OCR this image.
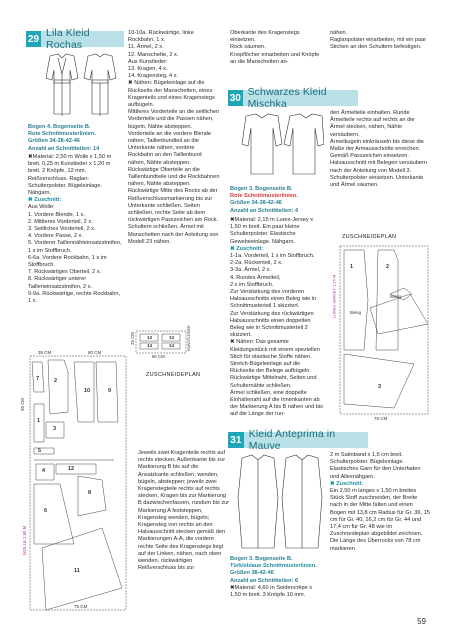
29 Lila Kleid Rochas

Bogen 4. Bogenseite B.

Rote Schnittmusterlinien.

Größen 34-38-42-46

Anzahl an Schnittteilen: 14

✖Material: 2,50 m Wolle x 1,50 m breit. 0,25 m Kunstleder x 1,20 m breit. 2 Knöpfe, 12 mm. Reißverschluss. Raglan-Schulterpolster. Bügeleinlage. Nähgarn.

✖ Zuschnitt:

Aus Wolle:

1. Vordere Blende, 1 x.
2. Mittleres Vorderteil, 2 x.
3. Seitliches Vorderteil, 2 x.
4. Vordere Passe, 2 x.
5. Vorderer Taillennähteinsatzstreifen, 1 x im Stoffbruch.
6-6a. Vordere Rockbahn, 1 x im Stoffbruch.
7. Rückwärtiges Oberteil, 2 x.
8. Rückwärtiger unterer Tailleneinsatzstreifen, 2 x.
9-9a. Rückwärtige, rechte Rockbahn, 1 x.

10-10a. Rückwärtige, linke Rockbahn, 1 x.
11. Ärmel, 2 x.
12. Manschette, 2 x.
Aus Kunstleder:
13. Kragen, 4 x.
14. Kragensteg, 4 x.

✖ Nähen: Bügeleinlage auf die Rückseite der Manschetten, eines Kragenteils und eines Kragenstegs aufbügeln.
Mittleres Vorderteile an die seitlichen Vorderteile und die Passen nähen, bügeln, Nähte absteppen.
Vorderteile an die vordere Blende nähen, Taillenbundteil an die Unterkante nähen, vordere Rockbahn an den Taillenbund nähen, Nähte absteppen.
Rückwärtige Oberteile an die Taillenbundteile und die Rockbahnen nähen, Nähte absteppen. Rückwärtige Mitte des Rocks ab der Reißverschlussmarkierung bis zur Unterkante schließen. Seiten schließen, rechte Seite ab dem rückwärtigen Passzeichen am Rock. Schultern schließen. Ärmel mit Manschetten nach der Anleitung von Modell 23 nähen.

13	13
14	14
60 CM
25 CM	KUNSTLEDER
ZUSCHNEIDEPLAN
7	2
10	9
1
3
5
4	12
8
6
11
35 CM	80 CM
75 CM
WOLLE 1,60 M
95 CM

Jeweils zwei Kragenteile rechts auf rechts stecken, Außenkante bis zur Markierung B bis auf die Ansatzkante schließen, wenden, bügeln, absteppen; jeweils zwei Kragenstegteile rechts auf rechts stecken, Kragen bis zur Markierung B dazwischenfassen, rundum bis zur Markierung A feststeppen, Kragensteg wenden, bügeln; Kragensteg von rechts an den Halsausschnitt stecken gemäß den Markierungen A-A, die vordere rechte Seite des Kragenstegs liegt auf der Linken, nähen, nach oben wenden, rückwärtigen Reißverschluss bis zur

Oberkante des Kragenstegs einsetzen.
Rock säumen.
Knopflöcher einarbeiten und Knöpfe an die Manschetten an-

nähen.
Raglanpolster einarbeiten, mit ein paar Stichen an den Schultern befestigen.

30 Schwarzes Kleid Mischka

Bogen 3. Bogenseite B.

Rote Schnittmusterlinien.

Größen 34-38-42-46

Anzahl an Schnittteilen: 4

✖Material: 2,15 m Lurex-Jersey x 1,50 m breit. Ein paar kleine Schulterpolster. Elastische Gewebeeinlage. Nähgarn.

✖ Zuschnitt:

1-1a. Vorderteil, 1 x im Stoffbruch.
2-2a. Rückenteil, 2 x.
3-3a. Ärmel, 2 x.
4. Rundes Ärmelteil,
2 x im Stoffbruch.
Zur Verstärkung des vorderen Halsausschnitts einen Beleg wie in Schnittmusterteil 1 skizziert.
Zur Verstärkung des rückwärtigen Halsausschnitts einen doppelten Beleg wie in Schnittmusterteil 2 skizziert.

✖ Nähen: Das gesamte Kleidungsstück mit einem speziellen Stich für elastische Stoffe nähen. Stretch-Bügeleinlage auf die Rückseite der Belege aufbügeln. Rückwärtige Mittelnaht, Seiten und Schulternähte schließen.
Ärmel schließen, eine doppelte Einhaltenaht auf die Innenkanten ab der Markierung A bis B nähen und bis auf die Länge der run-

den Ärmelteile einhalten. Runde Ärmelteile rechts auf rechts an die Ärmel stecken, nähen, Nähte versäubern.
Ärmelkugeln einkräuseln bis diese die Maße der Armausschnitte erreichen. Gemäß Passzeichen einsetzen.
Halsausschnitt mit Belegen versäubern nach der Anleitung von Modell 3.
Schulterpolster einsetzen. Unterkante und Ärmel säumen.

ZUSCHNEIDEPLAN
1	2
3
Beleg
Beleg
75 CM
LUREX-JERSEY 1,15 M
31 Kleid Anteprima in Mauve

Bogen 3. Bogenseite B.

Türkisblaue Schnittmusterlinien.

Größen 38-42-46

Anzahl an Schnittteilen: 6

✖Material: 4,60 m Seidencrêpe x 1,50 m breit. 3 Knöpfe 10 mm.

2 m Satinband x 1,5 cm breit. Schulterpolster. Bügeleinlage. Elastisches Garn für den Unterfaden und Allesnähgarn.

✖ Zuschnitt:

Ein 2,50 m langes x 1,50 m breites Stück Stoff zuschneiden, der Breite nach in der Mitte falten und einen Bogen mit 13,8 cm Radius für Gr. 36, 15 cm für Gr. 40, 16,2 cm für Gr. 44 und 17,4 cm für Gr. 48 wie im Zuschneideplan abgebildet zeichnen. Die Länge des Überrocks von 78 cm markieren

59
